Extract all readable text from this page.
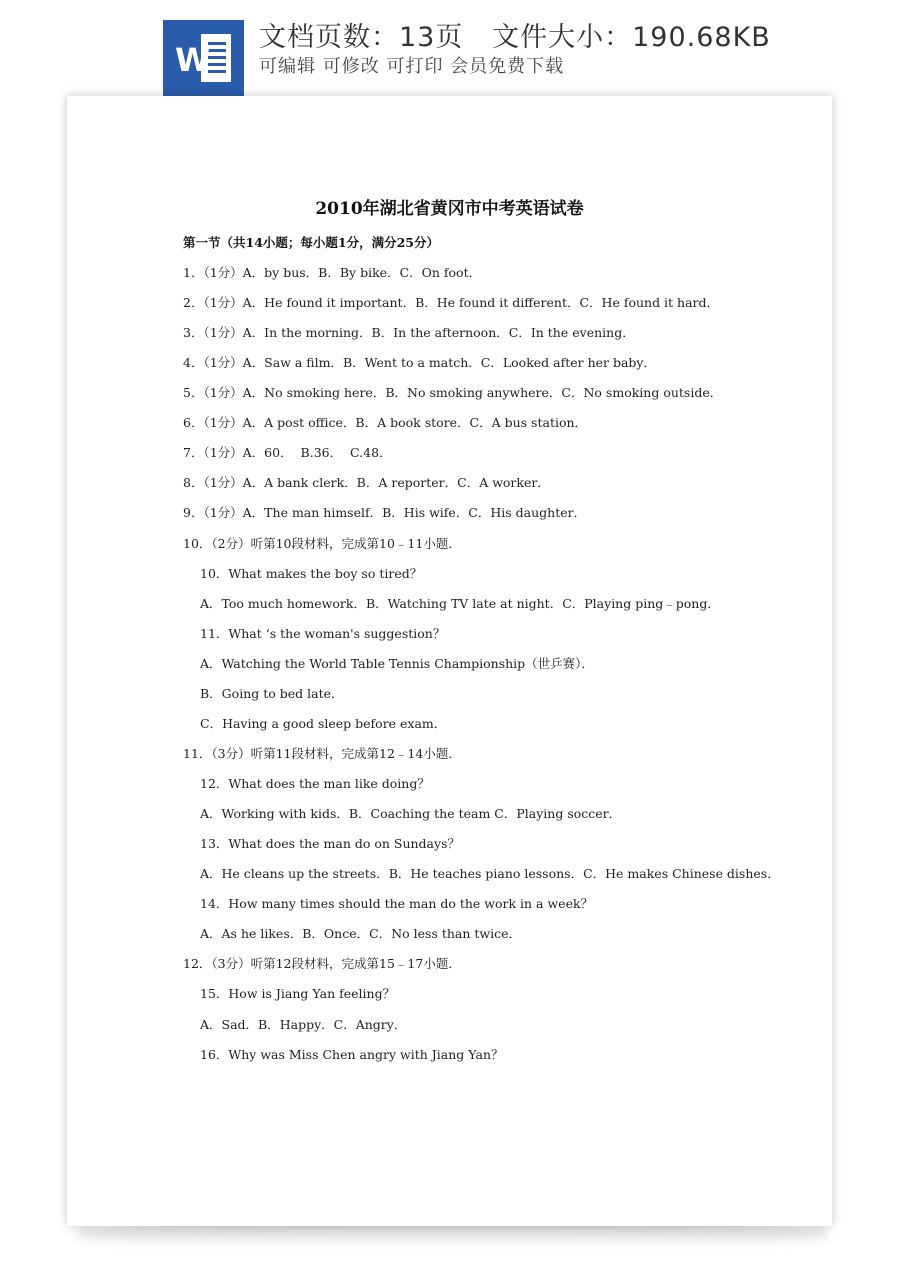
W
文档页数：13页   文件大小：190.68KB
可编辑 可修改 可打印 会员免费下载
2010年湖北省黄冈市中考英语试卷
第一节（共14小题；每小题1分，满分25分）
1．（1分）A．by bus．B．By bike．C．On foot．
2．（1分）A．He found it important．B．He found it different．C．He found it hard．
3．（1分）A．In the morning．B．In the afternoon．C．In the evening．
4．（1分）A．Saw a film．B．Went to a match．C．Looked after her baby．
5．（1分）A．No smoking here．B．No smoking anywhere．C．No smoking outside．
6．（1分）A．A post office．B．A book store．C．A bus station．
7．（1分）A．60．  B.36．  C.48．
8．（1分）A．A bank clerk．B．A reporter．C．A worker．
9．（1分）A．The man himself．B．His wife．C．His daughter．
10．（2分）听第10段材料，完成第10﹣11小题．
10．What makes the boy so tired？
A．Too much homework．B．Watching TV late at night．C．Playing ping﹣pong．
11．What ‘s the woman's suggestion？
A．Watching the World Table Tennis Championship（世乒赛）．
B．Going to bed late．
C．Having a good sleep before exam．
11．（3分）听第11段材料，完成第12﹣14小题．
12．What does the man like doing？
A．Working with kids．B．Coaching the team C．Playing soccer．
13．What does the man do on Sundays？
A．He cleans up the streets．B．He teaches piano lessons．C．He makes Chinese dishes．
14．How many times should the man do the work in a week？
A．As he likes．B．Once．C．No less than twice．
12．（3分）听第12段材料，完成第15﹣17小题．
15．How is Jiang Yan feeling？
A．Sad．B．Happy．C．Angry．
16．Why was Miss Chen angry with Jiang Yan？
